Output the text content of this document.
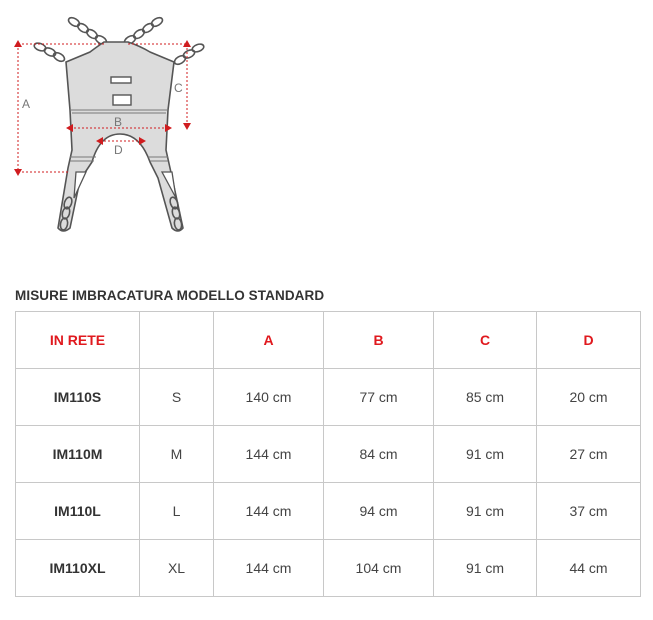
A
B
C
D
MISURE IMBRACATURA MODELLO STANDARD
IN RETE		A	B	C	D
IM110S	S	140 cm	77 cm	85 cm	20 cm
IM110M	M	144 cm	84 cm	91 cm	27 cm
IM110L	L	144 cm	94 cm	91 cm	37 cm
IM110XL	XL	144 cm	104 cm	91 cm	44 cm
